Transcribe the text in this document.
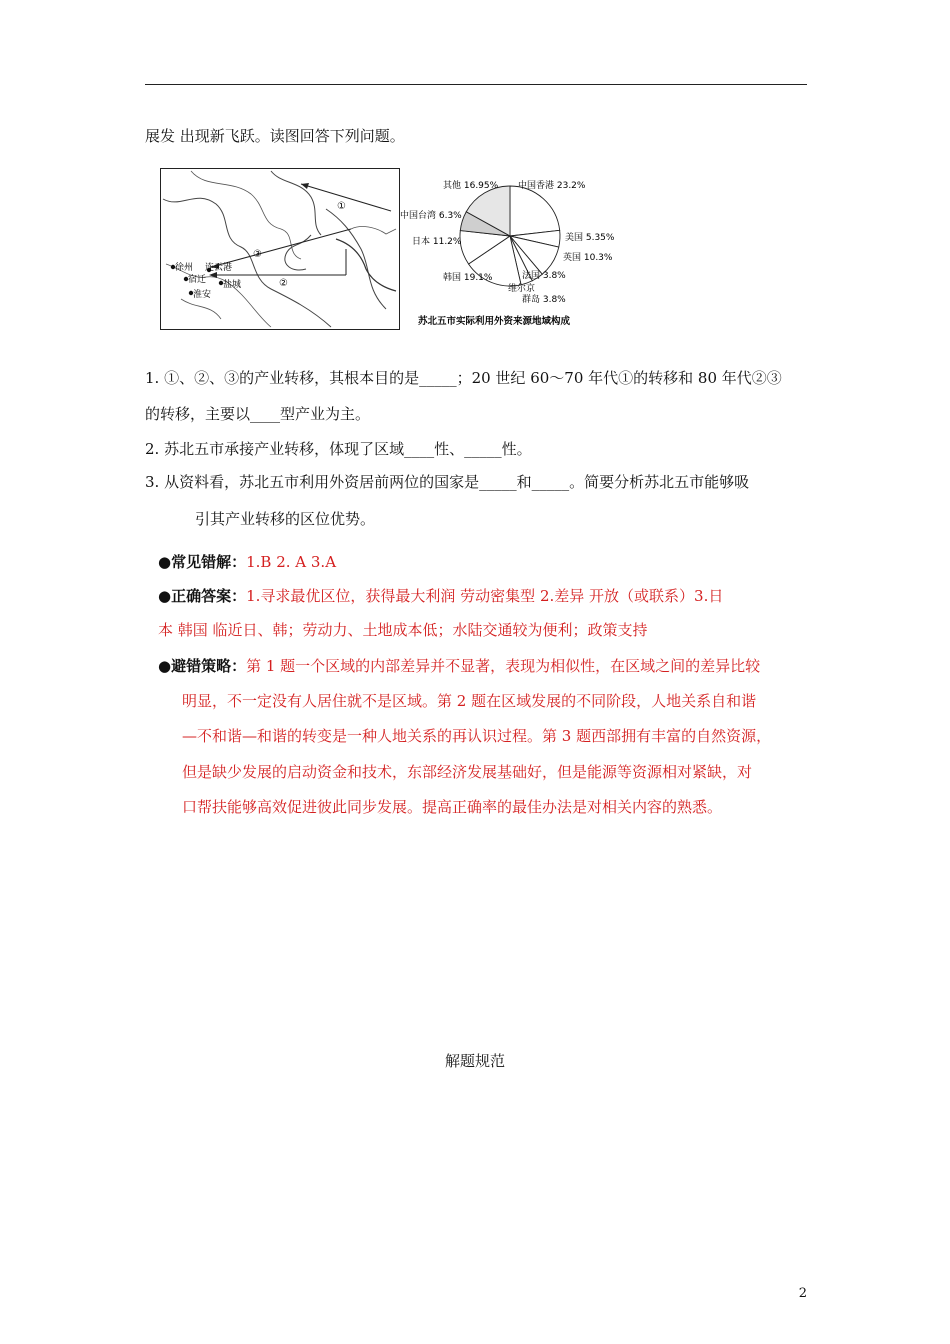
展发 出现新飞跃。读图回答下列问题。
①
③
②
徐州 连云港
宿迁 盐城
淮安
其他 16.95% 中国香港 23.2%
中国台湾 6.3%
日本 11.2%	美国 5.35%
英国 10.3%
韩国 19.1%	法国 3.8%
维尔京
群岛 3.8%
苏北五市实际利用外资来源地域构成
1. ①、②、③的产业转移，其根本目的是_____；20 世纪 60～70 年代①的转移和 80 年代②③
的转移，主要以____型产业为主。
2. 苏北五市承接产业转移，体现了区域____性、_____性。
3. 从资料看，苏北五市利用外资居前两位的国家是_____和_____。简要分析苏北五市能够吸
引其产业转移的区位优势。
●常见错解：1.B 2. A 3.A
●正确答案：1.寻求最优区位，获得最大利润 劳动密集型 2.差异 开放（或联系）3.日
本 韩国 临近日、韩；劳动力、土地成本低；水陆交通较为便利；政策支持
●避错策略：第 1 题一个区域的内部差异并不显著，表现为相似性，在区域之间的差异比较
明显，不一定没有人居住就不是区域。第 2 题在区域发展的不同阶段，人地关系自和谐
—不和谐—和谐的转变是一种人地关系的再认识过程。第 3 题西部拥有丰富的自然资源，
但是缺少发展的启动资金和技术，东部经济发展基础好，但是能源等资源相对紧缺，对
口帮扶能够高效促进彼此同步发展。提高正确率的最佳办法是对相关内容的熟悉。
解题规范
2
